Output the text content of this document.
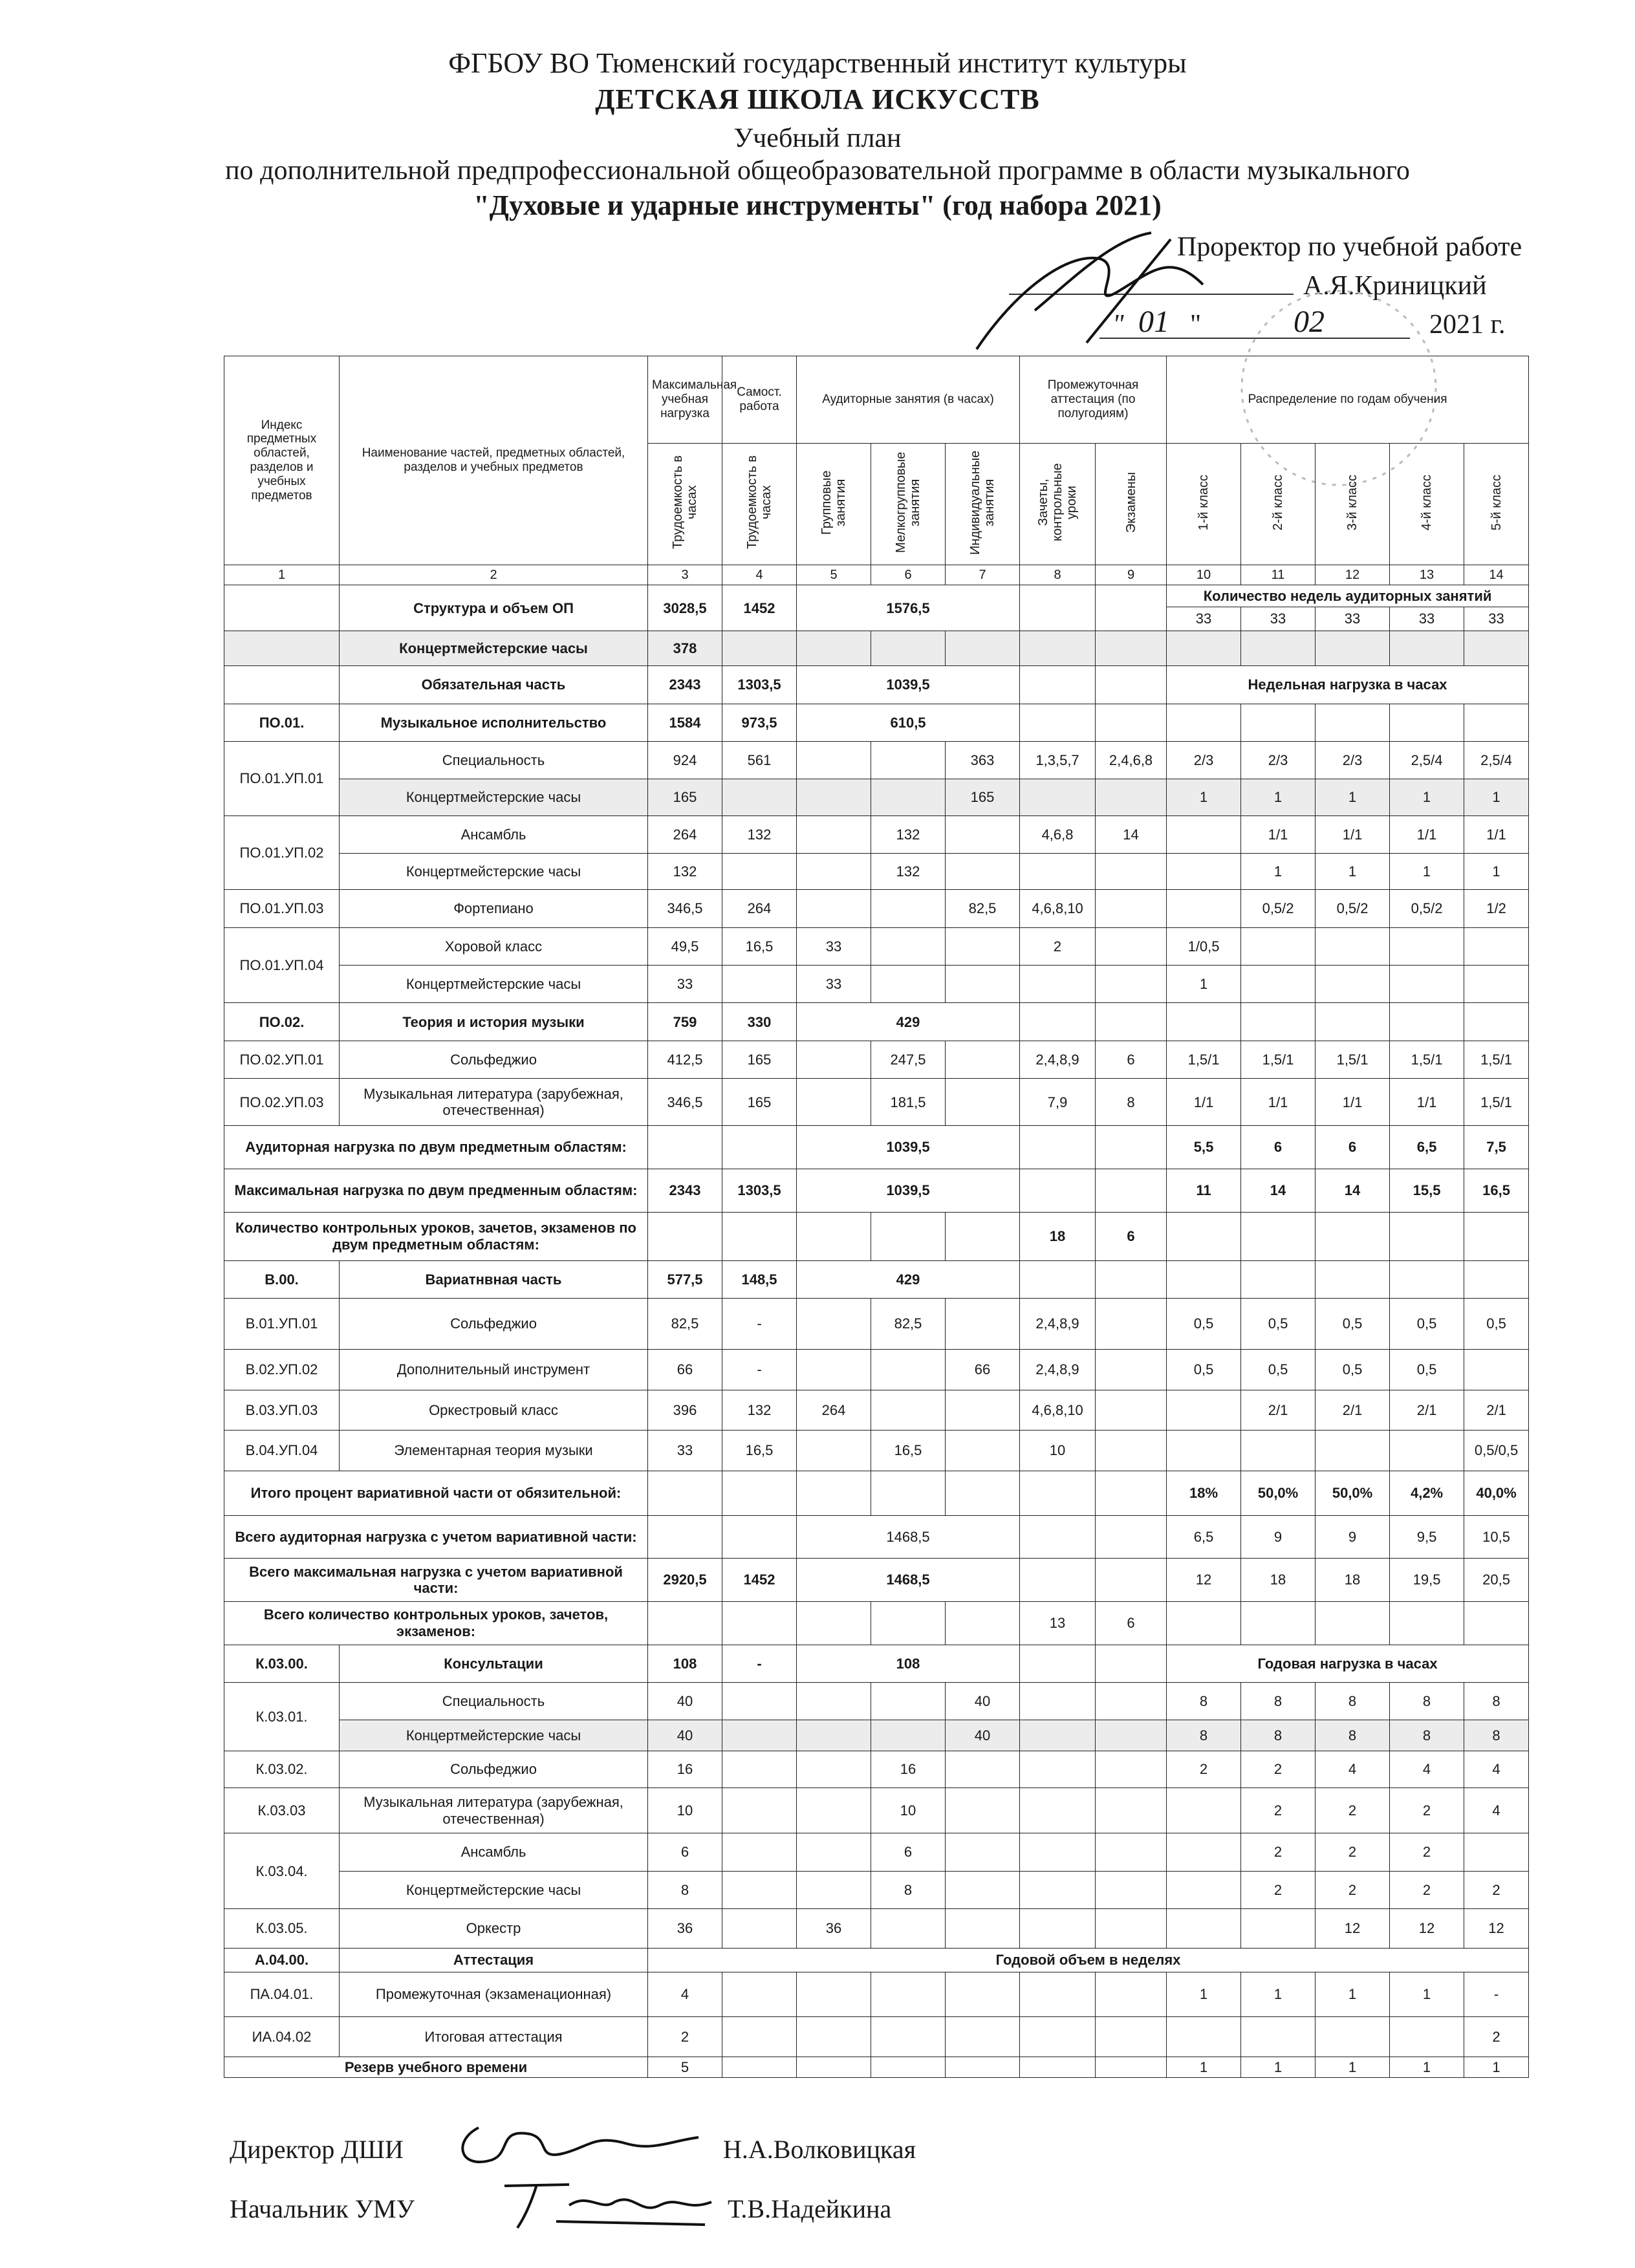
ФГБОУ ВО Тюменский государственный институт культуры
ДЕТСКАЯ ШКОЛА ИСКУССТВ
Учебный план
по дополнительной предпрофессиональной общеобразовательной программе в области музыкального
"Духовые и ударные инструменты" (год набора 2021)
Проректор по учебной работе
А.Я.Криницкий
" 01 "	02	2021 г.
Индекс предметных областей, разделов и учебных предметов	Наименование частей, предметных областей, разделов и учебных предметов	Максимальная учебная нагрузка	Самост. работа	Аудиторные занятия (в часах)			Промежуточная аттестация (по полугодиям)		Распределение по годам обучения				
		Трудоемкость в часах	Трудоемкость в часах	Групповые занятия	Мелкогрупповые занятия	Индивидуальные занятия	Зачеты, контрольные уроки	Экзамены	1-й класс	2-й класс	3-й класс	4-й класс	5-й класс
1	2	3	4	5	6	7	8	9	10	11	12	13	14
	Структура и объем ОП	3028,5	1452	1576,5					Количество недель аудиторных занятий				
									33	33	33	33	33
	Концертмейстерские часы	378											
	Обязательная часть	2343	1303,5	1039,5					Недельная нагрузка в часах				
ПО.01.	Музыкальное исполнительство	1584	973,5	610,5									
ПО.01.УП.01	Специальность	924	561			363	1,3,5,7	2,4,6,8	2/3	2/3	2/3	2,5/4	2,5/4
	Концертмейстерские часы	165				165			1	1	1	1	1
ПО.01.УП.02	Ансамбль	264	132		132		4,6,8	14		1/1	1/1	1/1	1/1
	Концертмейстерские часы	132			132					1	1	1	1
ПО.01.УП.03	Фортепиано	346,5	264			82,5	4,6,8,10			0,5/2	0,5/2	0,5/2	1/2
ПО.01.УП.04	Хоровой класс	49,5	16,5	33			2		1/0,5				
	Концертмейстерские часы	33		33					1				
ПО.02.	Теория и история музыки	759	330	429									
ПО.02.УП.01	Сольфеджио	412,5	165		247,5		2,4,8,9	6	1,5/1	1,5/1	1,5/1	1,5/1	1,5/1
ПО.02.УП.03	Музыкальная литература (зарубежная, отечественная)	346,5	165		181,5		7,9	8	1/1	1/1	1/1	1/1	1,5/1
Аудиторная нагрузка по двум предметным областям:				1039,5					5,5	6	6	6,5	7,5
Максимальная нагрузка по двум предменным областям:		2343	1303,5	1039,5					11	14	14	15,5	16,5
Количество контрольных уроков, зачетов, экзаменов по двум предметным областям:							18	6					
В.00.	Вариатнвная часть	577,5	148,5	429									
В.01.УП.01	Сольфеджио	82,5	-		82,5		2,4,8,9		0,5	0,5	0,5	0,5	0,5
В.02.УП.02	Дополнительный инструмент	66	-			66	2,4,8,9		0,5	0,5	0,5	0,5	
В.03.УП.03	Оркестровый класс	396	132	264			4,6,8,10			2/1	2/1	2/1	2/1
В.04.УП.04	Элементарная теория музыки	33	16,5		16,5		10						0,5/0,5
Итого процент вариативной части от обязительной:									18%	50,0%	50,0%	4,2%	40,0%
Всего аудиторная нагрузка с учетом вариативной части:				1468,5					6,5	9	9	9,5	10,5
Всего максимальная нагрузка с учетом вариативной части:		2920,5	1452	1468,5					12	18	18	19,5	20,5
Всего количество контрольных уроков, зачетов, экзаменов:							13	6					
К.03.00.	Консультации	108	-	108					Годовая нагрузка в часах				
К.03.01.	Специальность	40				40			8	8	8	8	8
	Концертмейстерские часы	40				40			8	8	8	8	8
К.03.02.	Сольфеджио	16			16				2	2	4	4	4
К.03.03	Музыкальная литература (зарубежная, отечественная)	10			10					2	2	2	4
К.03.04.	Ансамбль	6			6					2	2	2	
	Концертмейстерские часы	8			8					2	2	2	2
К.03.05.	Оркестр	36		36							12	12	12
А.04.00.	Аттестация	Годовой объем в неделях											
ПА.04.01.	Промежуточная (экзаменационная)	4							1	1	1	1	-
ИА.04.02	Итоговая аттестация	2											2
Резерв учебного времени		5							1	1	1	1	1
Директор ДШИ	Н.А.Волковицкая
Начальник УМУ	Т.В.Надейкина
